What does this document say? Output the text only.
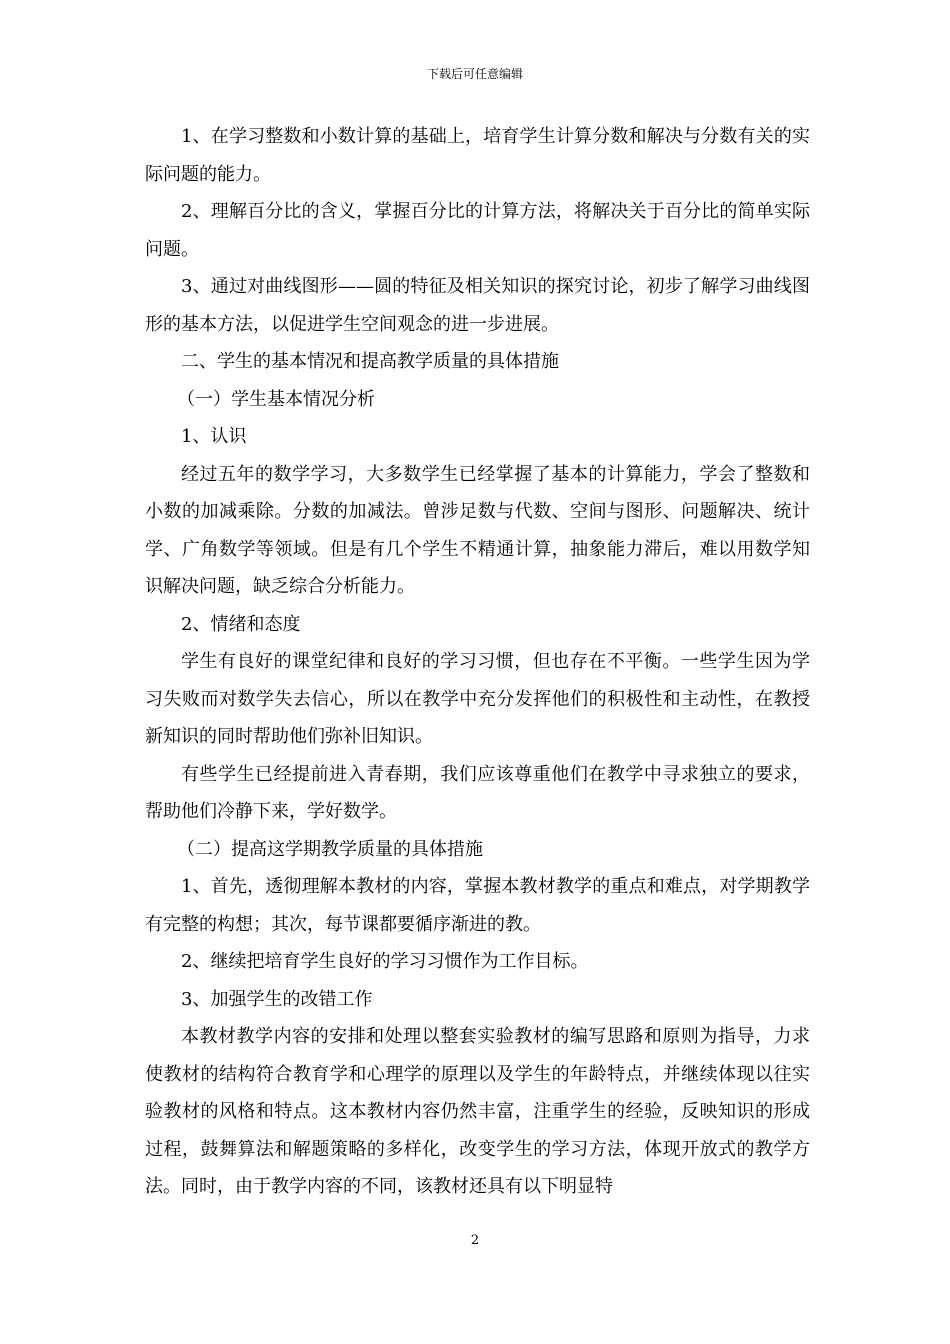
下载后可任意编辑

1、在学习整数和小数计算的基础上，培育学生计算分数和解决与分数有关的实际问题的能力。

2、理解百分比的含义，掌握百分比的计算方法，将解决关于百分比的简单实际问题。

3、通过对曲线图形——圆的特征及相关知识的探究讨论，初步了解学习曲线图形的基本方法，以促进学生空间观念的进一步进展。

二、学生的基本情况和提高教学质量的具体措施

（一）学生基本情况分析

1、认识

经过五年的数学学习，大多数学生已经掌握了基本的计算能力，学会了整数和小数的加减乘除。分数的加减法。曾涉足数与代数、空间与图形、问题解决、统计学、广角数学等领域。但是有几个学生不精通计算，抽象能力滞后，难以用数学知识解决问题，缺乏综合分析能力。

2、情绪和态度

学生有良好的课堂纪律和良好的学习习惯，但也存在不平衡。一些学生因为学习失败而对数学失去信心，所以在教学中充分发挥他们的积极性和主动性，在教授新知识的同时帮助他们弥补旧知识。

有些学生已经提前进入青春期，我们应该尊重他们在教学中寻求独立的要求，帮助他们冷静下来，学好数学。

（二）提高这学期教学质量的具体措施

1、首先，透彻理解本教材的内容，掌握本教材教学的重点和难点，对学期教学有完整的构想；其次，每节课都要循序渐进的教。

2、继续把培育学生良好的学习习惯作为工作目标。

3、加强学生的改错工作

本教材教学内容的安排和处理以整套实验教材的编写思路和原则为指导，力求使教材的结构符合教育学和心理学的原理以及学生的年龄特点，并继续体现以往实验教材的风格和特点。这本教材内容仍然丰富，注重学生的经验，反映知识的形成过程，鼓舞算法和解题策略的多样化，改变学生的学习方法，体现开放式的教学方法。同时，由于教学内容的不同，该教材还具有以下明显特

2
